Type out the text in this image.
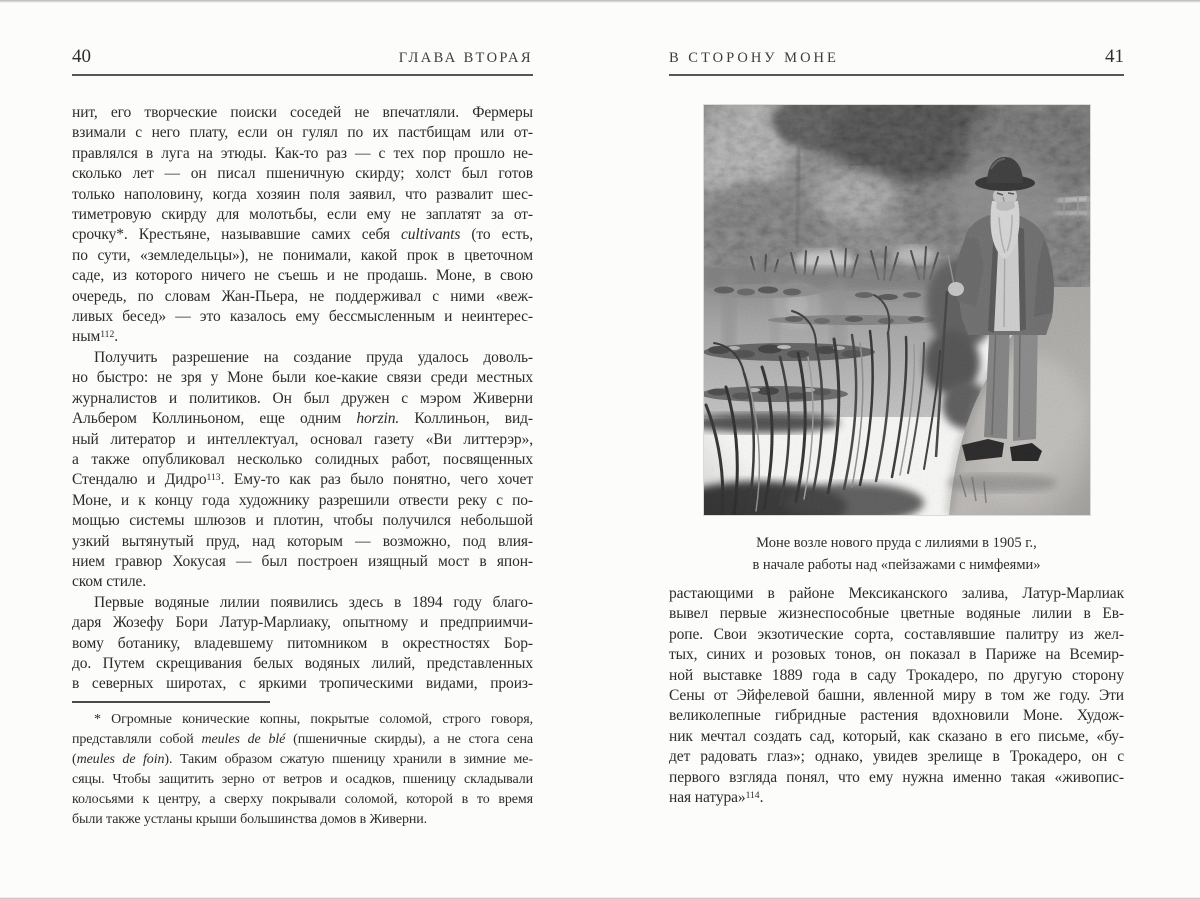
40	ГЛАВА ВТОРАЯ
нит, его творческие поиски соседей не впечатляли. Фермеры
взимали с него плату, если он гулял по их пастбищам или от-
правлялся в луга на этюды. Как-то раз — с тех пор прошло не-
сколько лет — он писал пшеничную скирду; холст был готов
только наполовину, когда хозяин поля заявил, что развалит шес-
тиметровую скирду для молотьбы, если ему не заплатят за от-
срочку*. Крестьяне, называвшие самих себя cultivants (то есть,
по сути, «земледельцы»), не понимали, какой прок в цветочном
саде, из которого ничего не съешь и не продашь. Моне, в свою
очередь, по словам Жан-Пьера, не поддерживал с ними «веж-
ливых бесед» — это казалось ему бессмысленным и неинтерес-
ным$^{112}$.
Получить разрешение на создание пруда удалось доволь-
но быстро: не зря у Моне были кое-какие связи среди местных
журналистов и политиков. Он был дружен с мэром Живерни
Альбером Коллиньоном, еще одним horzin. Коллиньон, вид-
ный литератор и интеллектуал, основал газету «Ви литтерэр»,
а также опубликовал несколько солидных работ, посвященных
Стендалю и Дидро$^{113}$. Ему-то как раз было понятно, чего хочет
Моне, и к концу года художнику разрешили отвести реку с по-
мощью системы шлюзов и плотин, чтобы получился небольшой
узкий вытянутый пруд, над которым — возможно, под влия-
нием гравюр Хокусая — был построен изящный мост в япон-
ском стиле.
Первые водяные лилии появились здесь в 1894 году благо-
даря Жозефу Бори Латур-Марлиаку, опытному и предприимчи-
вому ботанику, владевшему питомником в окрестностях Бор-
до. Путем скрещивания белых водяных лилий, представленных
в северных широтах, с яркими тропическими видами, произ-
* Огромные конические копны, покрытые соломой, строго говоря,
представляли собой meules de blé (пшеничные скирды), а не стога сена
(meules de foin). Таким образом сжатую пшеницу хранили в зимние ме-
сяцы. Чтобы защитить зерно от ветров и осадков, пшеницу складывали
колосьями к центру, а сверху покрывали соломой, которой в то время
были также устланы крыши большинства домов в Живерни.
В СТОРОНУ МОНЕ	41
Моне возле нового пруда с лилиями в 1905 г.,
в начале работы над «пейзажами с нимфеями»
растающими в районе Мексиканского залива, Латур-Марлиак
вывел первые жизнеспособные цветные водяные лилии в Ев-
ропе. Свои экзотические сорта, составлявшие палитру из жел-
тых, синих и розовых тонов, он показал в Париже на Всемир-
ной выставке 1889 года в саду Трокадеро, по другую сторону
Сены от Эйфелевой башни, явленной миру в том же году. Эти
великолепные гибридные растения вдохновили Моне. Худож-
ник мечтал создать сад, который, как сказано в его письме, «бу-
дет радовать глаз»; однако, увидев зрелище в Трокадеро, он с
первого взгляда понял, что ему нужна именно такая «живопис-
ная натура»$^{114}$.
